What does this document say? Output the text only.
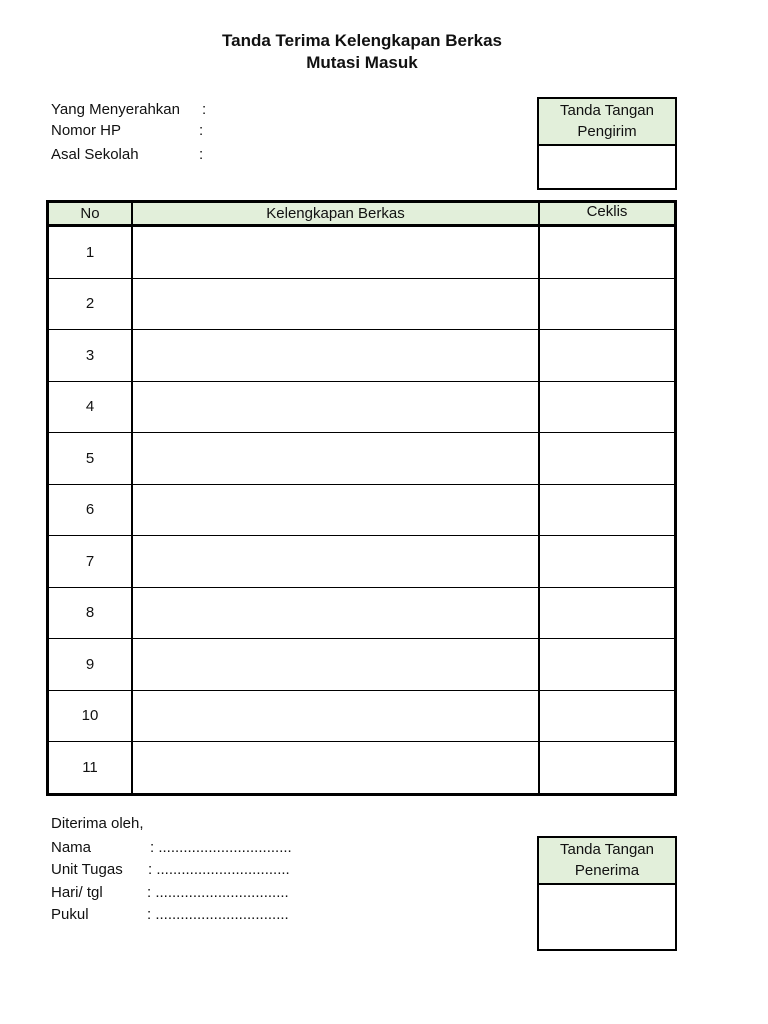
Tanda Terima Kelengkapan Berkas
Mutasi Masuk
Yang Menyerahkan :
Nomor HP	:
Asal Sekolah	:
Tanda Tangan
Pengirim
No	Kelengkapan Berkas	Ceklis
1		
2		
3		
4		
5		
6		
7		
8		
9		
10		
11		
Diterima oleh,
Nama	: ................................
Unit Tugas : ................................
Hari/ tgl	: ................................
Pukul	: ................................
Tanda Tangan
Penerima
